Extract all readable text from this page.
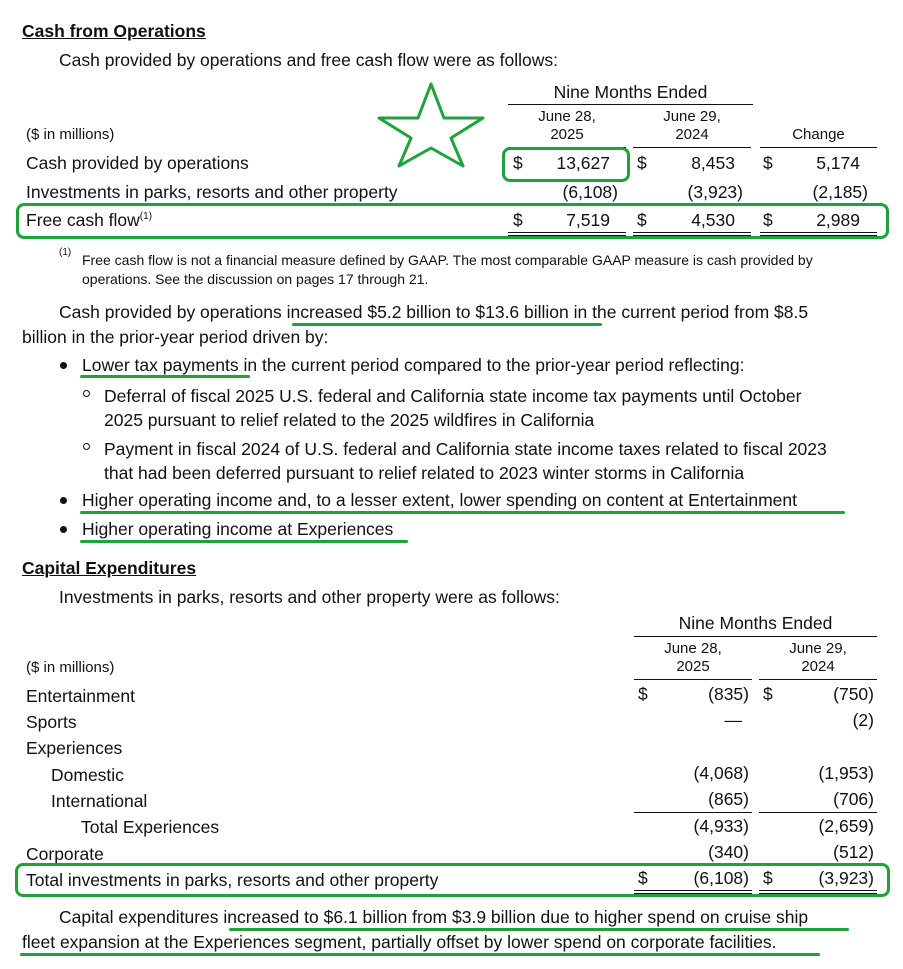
Cash from Operations
Cash provided by operations and free cash flow were as follows:
Nine Months Ended
June 28,
2025
June 29,
2024	Change
($ in millions)
Cash provided by operations	$	13,627 $	8,453 $	5,174
Investments in parks, resorts and other property	(6,108)	(3,923)	(2,185)
Free cash flow$^{(1)}$	$	7,519 $	4,530 $	2,989
(1) Free cash flow is not a financial measure defined by GAAP. The most comparable GAAP measure is cash provided by
operations. See the discussion on pages 17 through 21.
Cash provided by operations increased $5.2 billion to $13.6 billion in the current period from $8.5
billion in the prior-year period driven by:
Lower tax payments in the current period compared to the prior-year period reflecting:
Deferral of fiscal 2025 U.S. federal and California state income tax payments until October
2025 pursuant to relief related to the 2025 wildfires in California
Payment in fiscal 2024 of U.S. federal and California state income taxes related to fiscal 2023
that had been deferred pursuant to relief related to 2023 winter storms in California
Higher operating income and, to a lesser extent, lower spending on content at Entertainment
Higher operating income at Experiences
Capital Expenditures
Investments in parks, resorts and other property were as follows:
Nine Months Ended
June 28,
2025
June 29,
2024
($ in millions)
Entertainment	$	(835) $	(750)
Sports	—	(2)
Experiences
Domestic	(4,068)	(1,953)
International	(865)	(706)
Total Experiences	(4,933)	(2,659)
Corporate	(340)	(512)
Total investments in parks, resorts and other property	$	(6,108) $	(3,923)
Capital expenditures increased to $6.1 billion from $3.9 billion due to higher spend on cruise ship
fleet expansion at the Experiences segment, partially offset by lower spend on corporate facilities.
